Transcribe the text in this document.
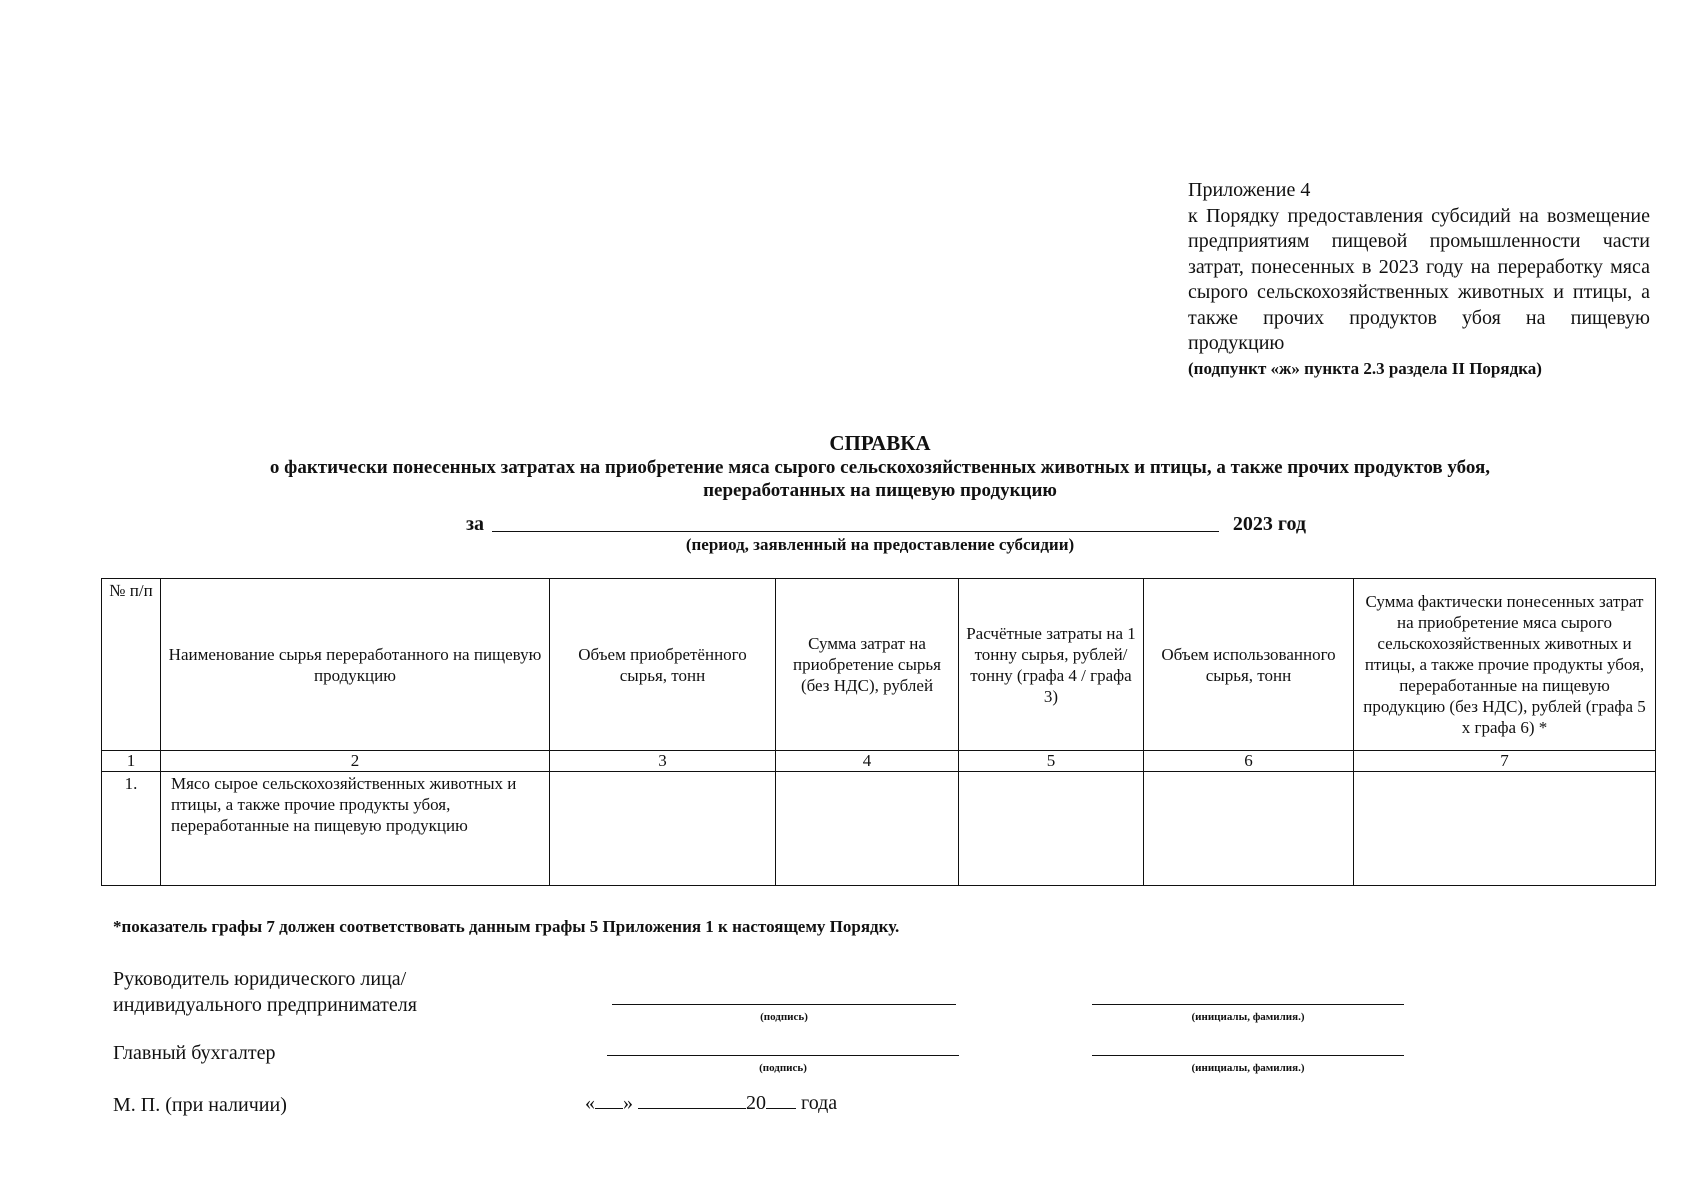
Приложение 4
к Порядку предоставления субсидий на возмещение предприятиям пищевой промышленности части затрат, понесенных в 2023 году на переработку мяса сырого сельскохозяйственных животных и птицы, а также прочих продуктов убоя на пищевую продукцию
(подпункт «ж» пункта 2.3 раздела II Порядка)
СПРАВКА
о фактически понесенных затратах на приобретение мяса сырого сельскохозяйственных животных и птицы, а также прочих продуктов убоя,
переработанных на пищевую продукцию
за	2023 год
(период, заявленный на предоставление субсидии)
№ п/п	Наименование сырья переработанного на пищевую продукцию	Объем приобретённого сырья, тонн	Сумма затрат на приобретение сырья (без НДС), рублей	Расчётные затраты на 1 тонну сырья, рублей/тонну (графа 4 / графа 3)	Объем использованного сырья, тонн	Сумма фактически понесенных затрат на приобретение мяса сырого сельскохозяйственных животных и птицы, а также прочие продукты убоя, переработанные на пищевую продукцию (без НДС), рублей (графа 5 х графа 6) *
1	2	3	4	5	6	7
1.	Мясо сырое сельскохозяйственных животных и птицы, а также прочие продукты убоя, переработанные на пищевую продукцию					
*показатель графы 7 должен соответствовать данным графы 5 Приложения 1 к настоящему Порядку.
Руководитель юридического лица/
индивидуального предпринимателя
(подпись)	(инициалы, фамилия.)
Главный бухгалтер
(подпись)	(инициалы, фамилия.)
М. П. (при наличии)	« »	20 года
